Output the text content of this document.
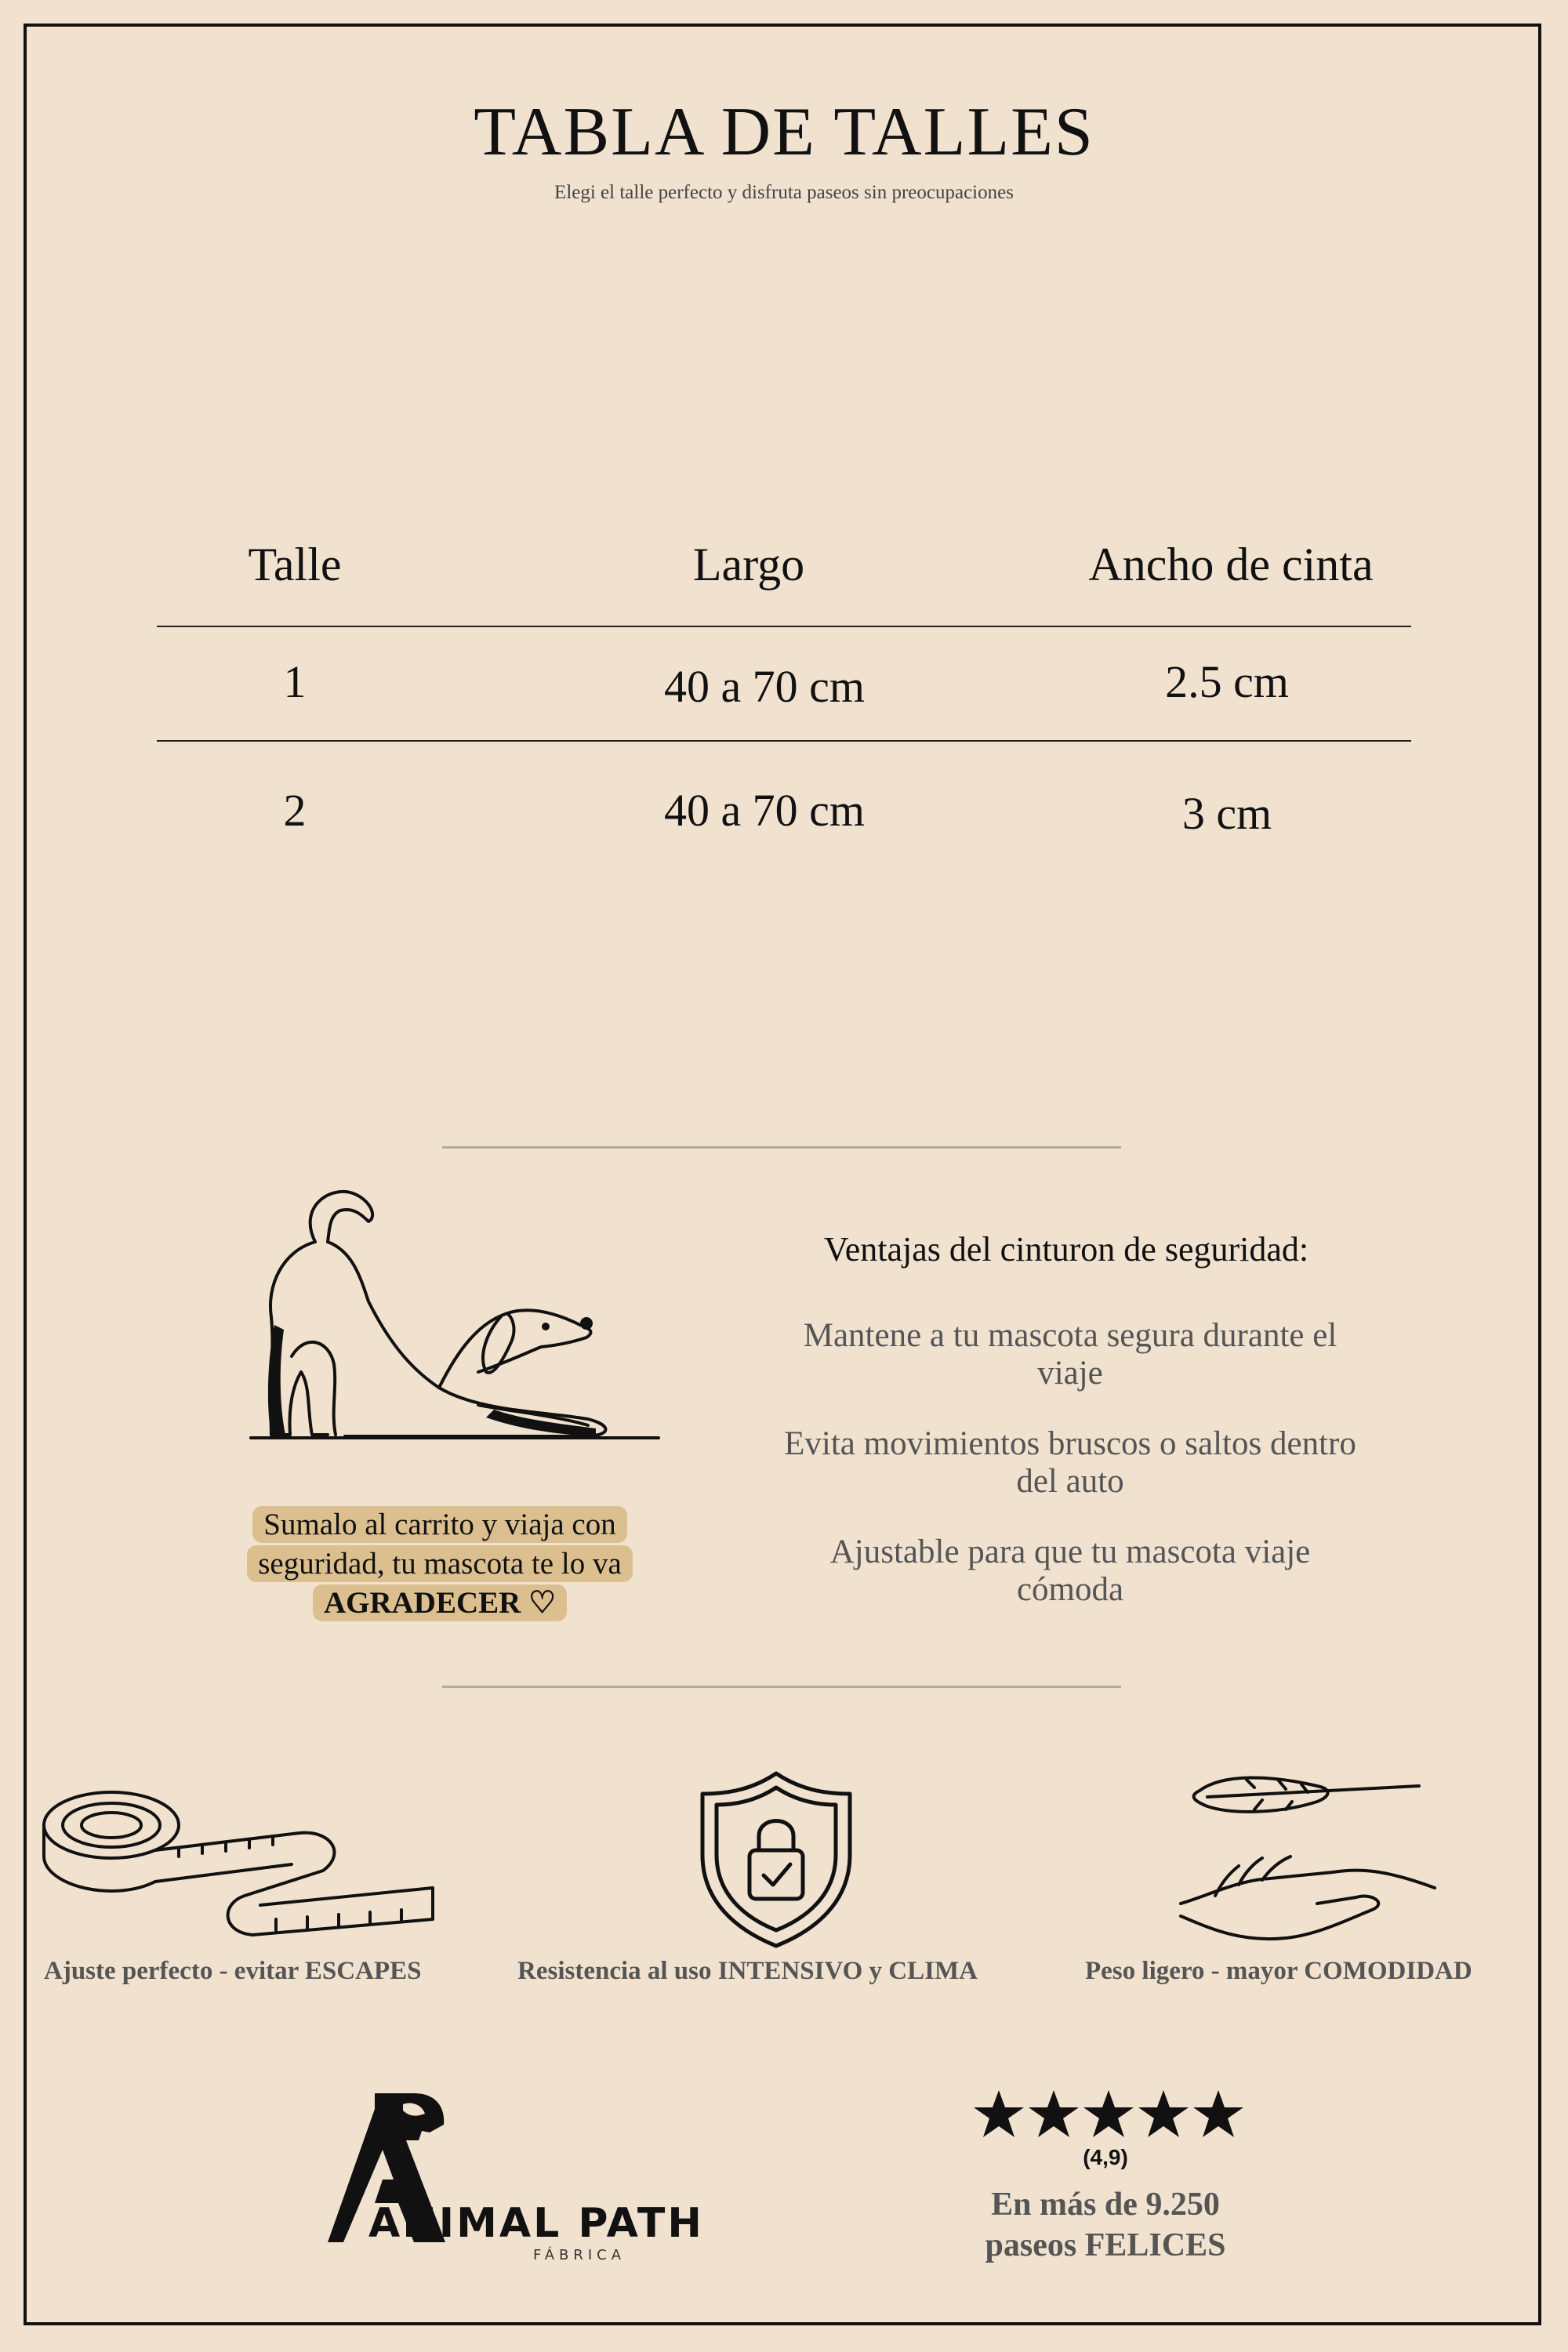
TABLA DE TALLES
Elegi el talle perfecto y disfruta paseos sin preocupaciones
Talle	Largo	Ancho de cinta
1	40 a 70 cm	2.5 cm
2	40 a 70 cm	3 cm
Sumalo al carrito y viaja con
seguridad, tu mascota te lo va
AGRADECER ♡
Ventajas del cinturon de seguridad:
Mantene a tu mascota segura durante el viaje
Evita movimientos bruscos o saltos dentro del auto
Ajustable para que tu mascota viaje cómoda
Ajuste perfecto - evitar ESCAPES	Resistencia al uso INTENSIVO y CLIMA	Peso ligero - mayor COMODIDAD
ANIMAL PATH
FÁBRICA
(4,9)
En más de 9.250
paseos FELICES
